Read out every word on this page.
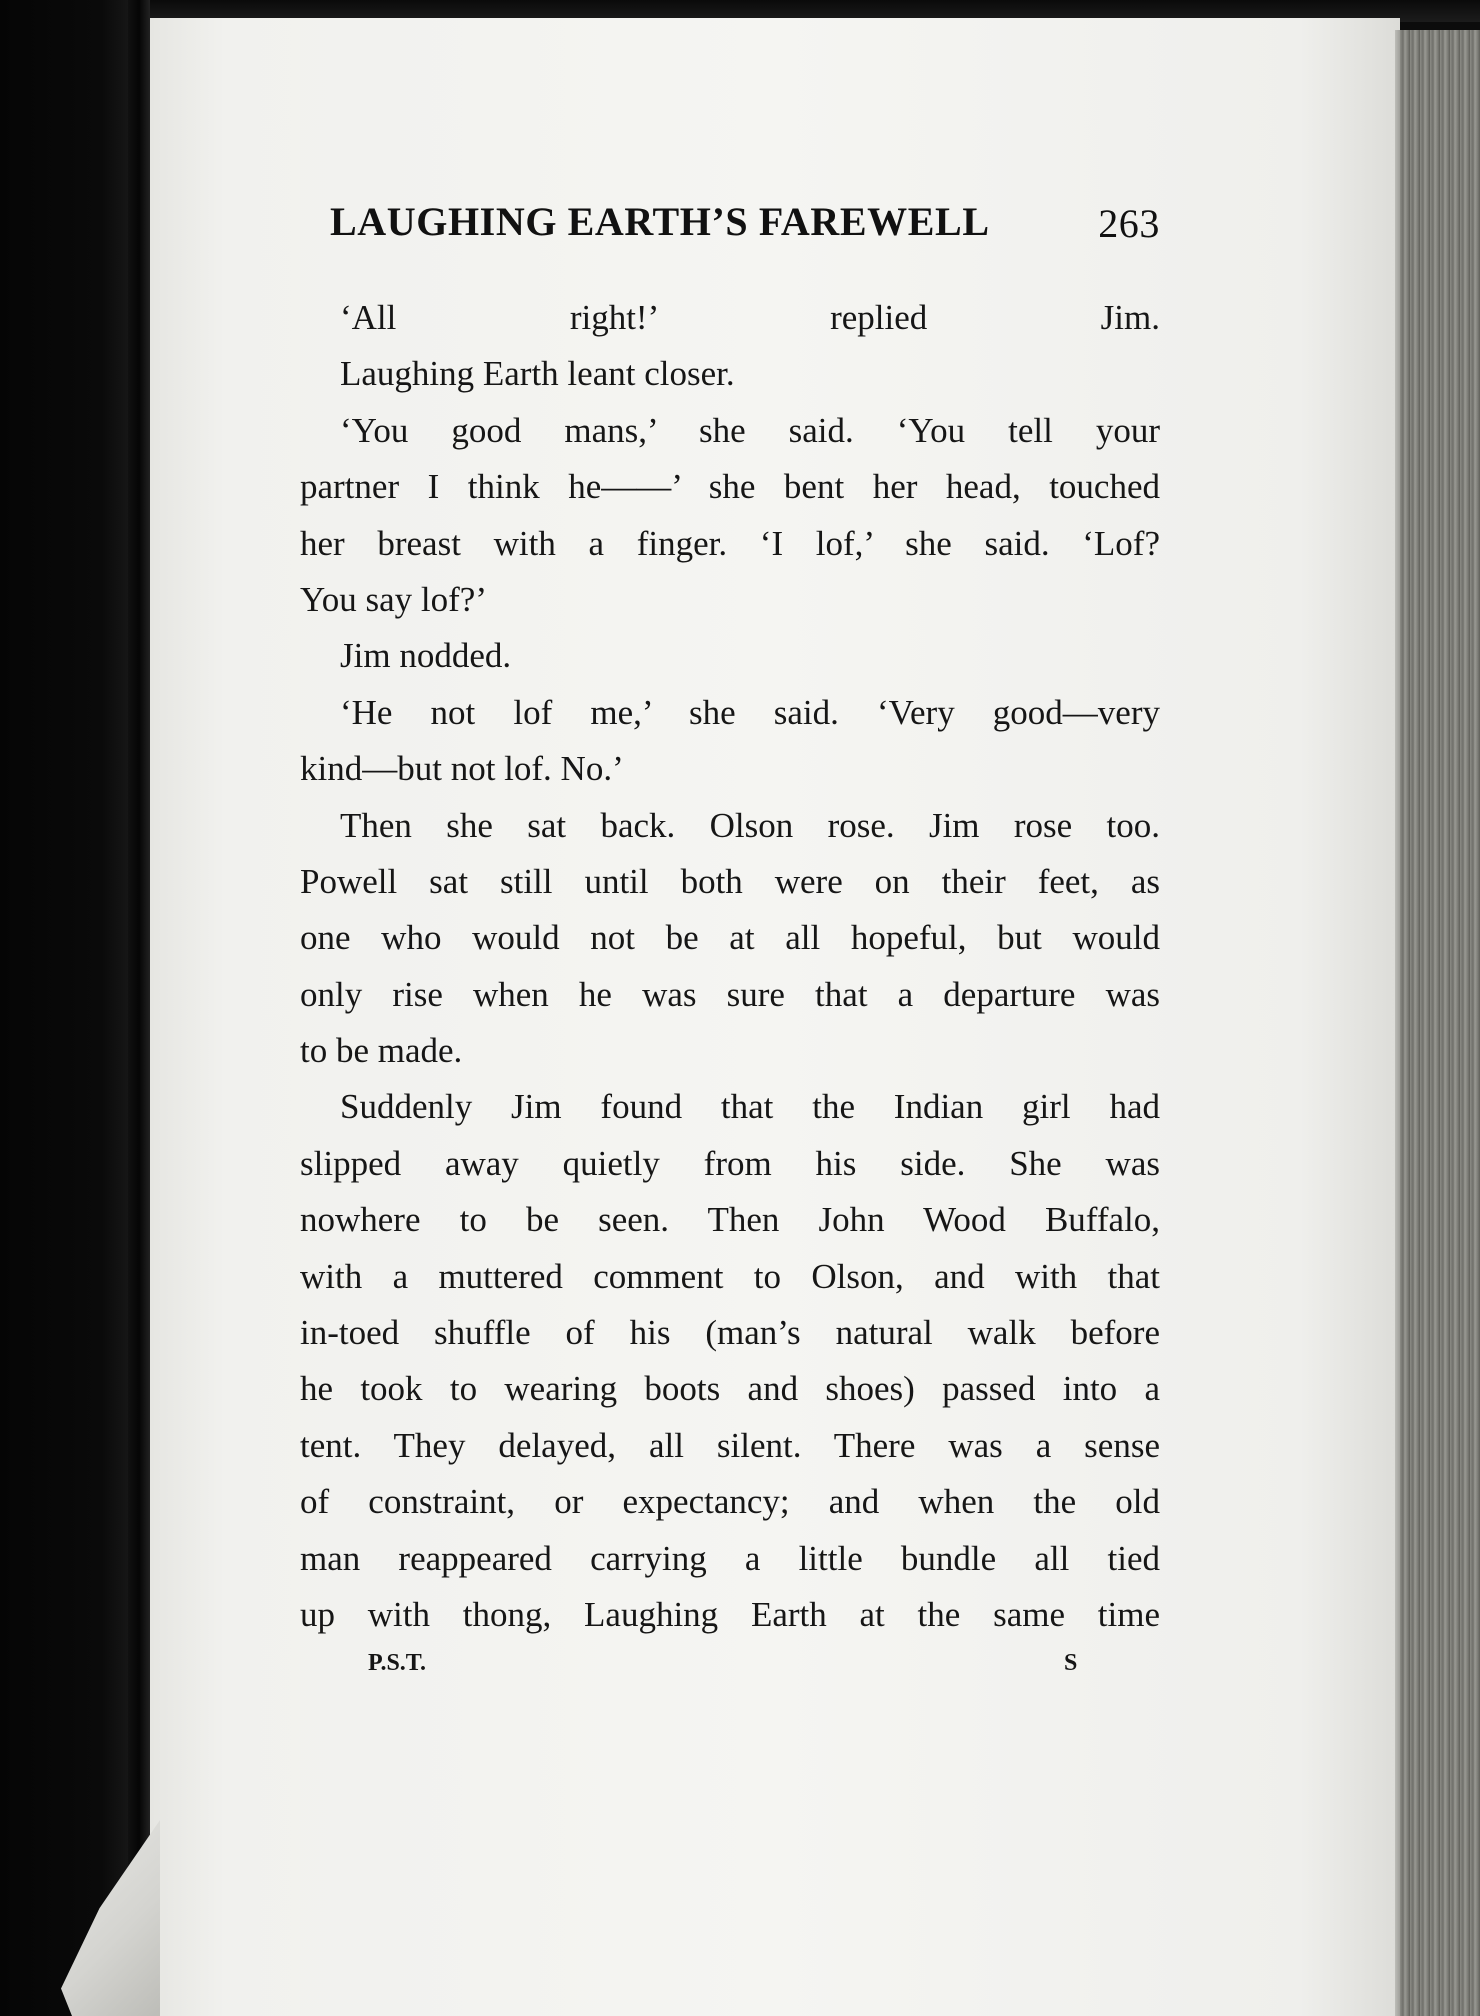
LAUGHING EARTH’S FAREWELL	263
‘All right!’ replied Jim.
Laughing Earth leant closer.
‘You good mans,’ she said. ‘You tell your
partner I think he——’ she bent her head, touched
her breast with a finger. ‘I lof,’ she said. ‘Lof?
You say lof?’
Jim nodded.
‘He not lof me,’ she said. ‘Very good—very
kind—but not lof. No.’
Then she sat back. Olson rose. Jim rose too.
Powell sat still until both were on their feet, as
one who would not be at all hopeful, but would
only rise when he was sure that a departure was
to be made.
Suddenly Jim found that the Indian girl had
slipped away quietly from his side. She was
nowhere to be seen. Then John Wood Buffalo,
with a muttered comment to Olson, and with that
in-toed shuffle of his (man’s natural walk before
he took to wearing boots and shoes) passed into a
tent. They delayed, all silent. There was a sense
of constraint, or expectancy; and when the old
man reappeared carrying a little bundle all tied
up with thong, Laughing Earth at the same time
P.S.T.	S
